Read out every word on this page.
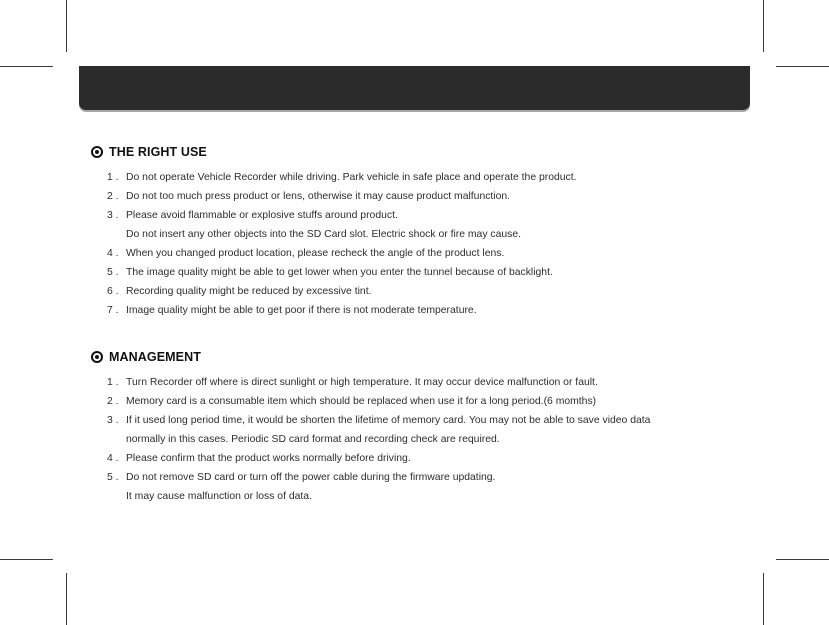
THE RIGHT USE
1 . Do not operate Vehicle Recorder while driving. Park vehicle in safe place and operate the product.
2 . Do not too much press product or lens, otherwise it may cause product malfunction.
3 . Please avoid flammable or explosive stuffs around product.
Do not insert any other objects into the SD Card slot. Electric shock or fire may cause.
4 . When you changed product location, please recheck the angle of the product lens.
5 . The image quality might be able to get lower when you enter the tunnel because of backlight.
6 . Recording quality might be reduced by excessive tint.
7 . Image quality might be able to get poor if there is not moderate temperature.
MANAGEMENT
1 . Turn Recorder off where is direct sunlight or high temperature. It may occur device malfunction or fault.
2 . Memory card is a consumable item which should be replaced when use it for a long period.(6 momths)
3 . If it used long period time, it would be shorten the lifetime of memory card. You may not be able to save video data
normally in this cases. Periodic SD card format and recording check are required.
4 . Please confirm that the product works normally before driving.
5 . Do not remove SD card or turn off the power cable during the firmware updating.
It may cause malfunction or loss of data.
